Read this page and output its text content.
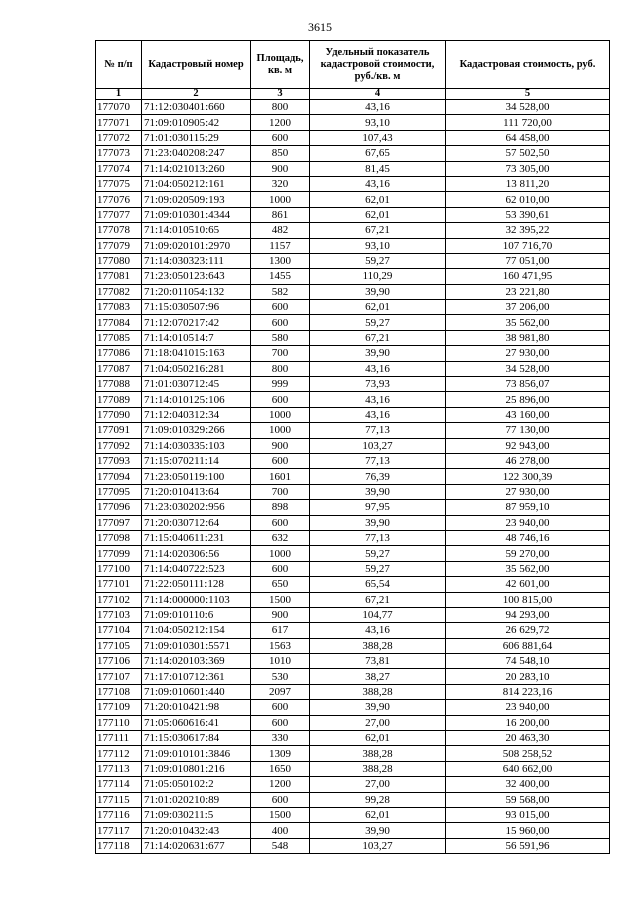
3615
№ п/п	Кадастровый номер	Площадь, кв. м	Удельный показатель кадастровой стоимости, руб./кв. м	Кадастровая стоимость, руб.
1	2	3	4	5
177070	71:12:030401:660	800	43,16	34 528,00
177071	71:09:010905:42	1200	93,10	111 720,00
177072	71:01:030115:29	600	107,43	64 458,00
177073	71:23:040208:247	850	67,65	57 502,50
177074	71:14:021013:260	900	81,45	73 305,00
177075	71:04:050212:161	320	43,16	13 811,20
177076	71:09:020509:193	1000	62,01	62 010,00
177077	71:09:010301:4344	861	62,01	53 390,61
177078	71:14:010510:65	482	67,21	32 395,22
177079	71:09:020101:2970	1157	93,10	107 716,70
177080	71:14:030323:111	1300	59,27	77 051,00
177081	71:23:050123:643	1455	110,29	160 471,95
177082	71:20:011054:132	582	39,90	23 221,80
177083	71:15:030507:96	600	62,01	37 206,00
177084	71:12:070217:42	600	59,27	35 562,00
177085	71:14:010514:7	580	67,21	38 981,80
177086	71:18:041015:163	700	39,90	27 930,00
177087	71:04:050216:281	800	43,16	34 528,00
177088	71:01:030712:45	999	73,93	73 856,07
177089	71:14:010125:106	600	43,16	25 896,00
177090	71:12:040312:34	1000	43,16	43 160,00
177091	71:09:010329:266	1000	77,13	77 130,00
177092	71:14:030335:103	900	103,27	92 943,00
177093	71:15:070211:14	600	77,13	46 278,00
177094	71:23:050119:100	1601	76,39	122 300,39
177095	71:20:010413:64	700	39,90	27 930,00
177096	71:23:030202:956	898	97,95	87 959,10
177097	71:20:030712:64	600	39,90	23 940,00
177098	71:15:040611:231	632	77,13	48 746,16
177099	71:14:020306:56	1000	59,27	59 270,00
177100	71:14:040722:523	600	59,27	35 562,00
177101	71:22:050111:128	650	65,54	42 601,00
177102	71:14:000000:1103	1500	67,21	100 815,00
177103	71:09:010110:6	900	104,77	94 293,00
177104	71:04:050212:154	617	43,16	26 629,72
177105	71:09:010301:5571	1563	388,28	606 881,64
177106	71:14:020103:369	1010	73,81	74 548,10
177107	71:17:010712:361	530	38,27	20 283,10
177108	71:09:010601:440	2097	388,28	814 223,16
177109	71:20:010421:98	600	39,90	23 940,00
177110	71:05:060616:41	600	27,00	16 200,00
177111	71:15:030617:84	330	62,01	20 463,30
177112	71:09:010101:3846	1309	388,28	508 258,52
177113	71:09:010801:216	1650	388,28	640 662,00
177114	71:05:050102:2	1200	27,00	32 400,00
177115	71:01:020210:89	600	99,28	59 568,00
177116	71:09:030211:5	1500	62,01	93 015,00
177117	71:20:010432:43	400	39,90	15 960,00
177118	71:14:020631:677	548	103,27	56 591,96
